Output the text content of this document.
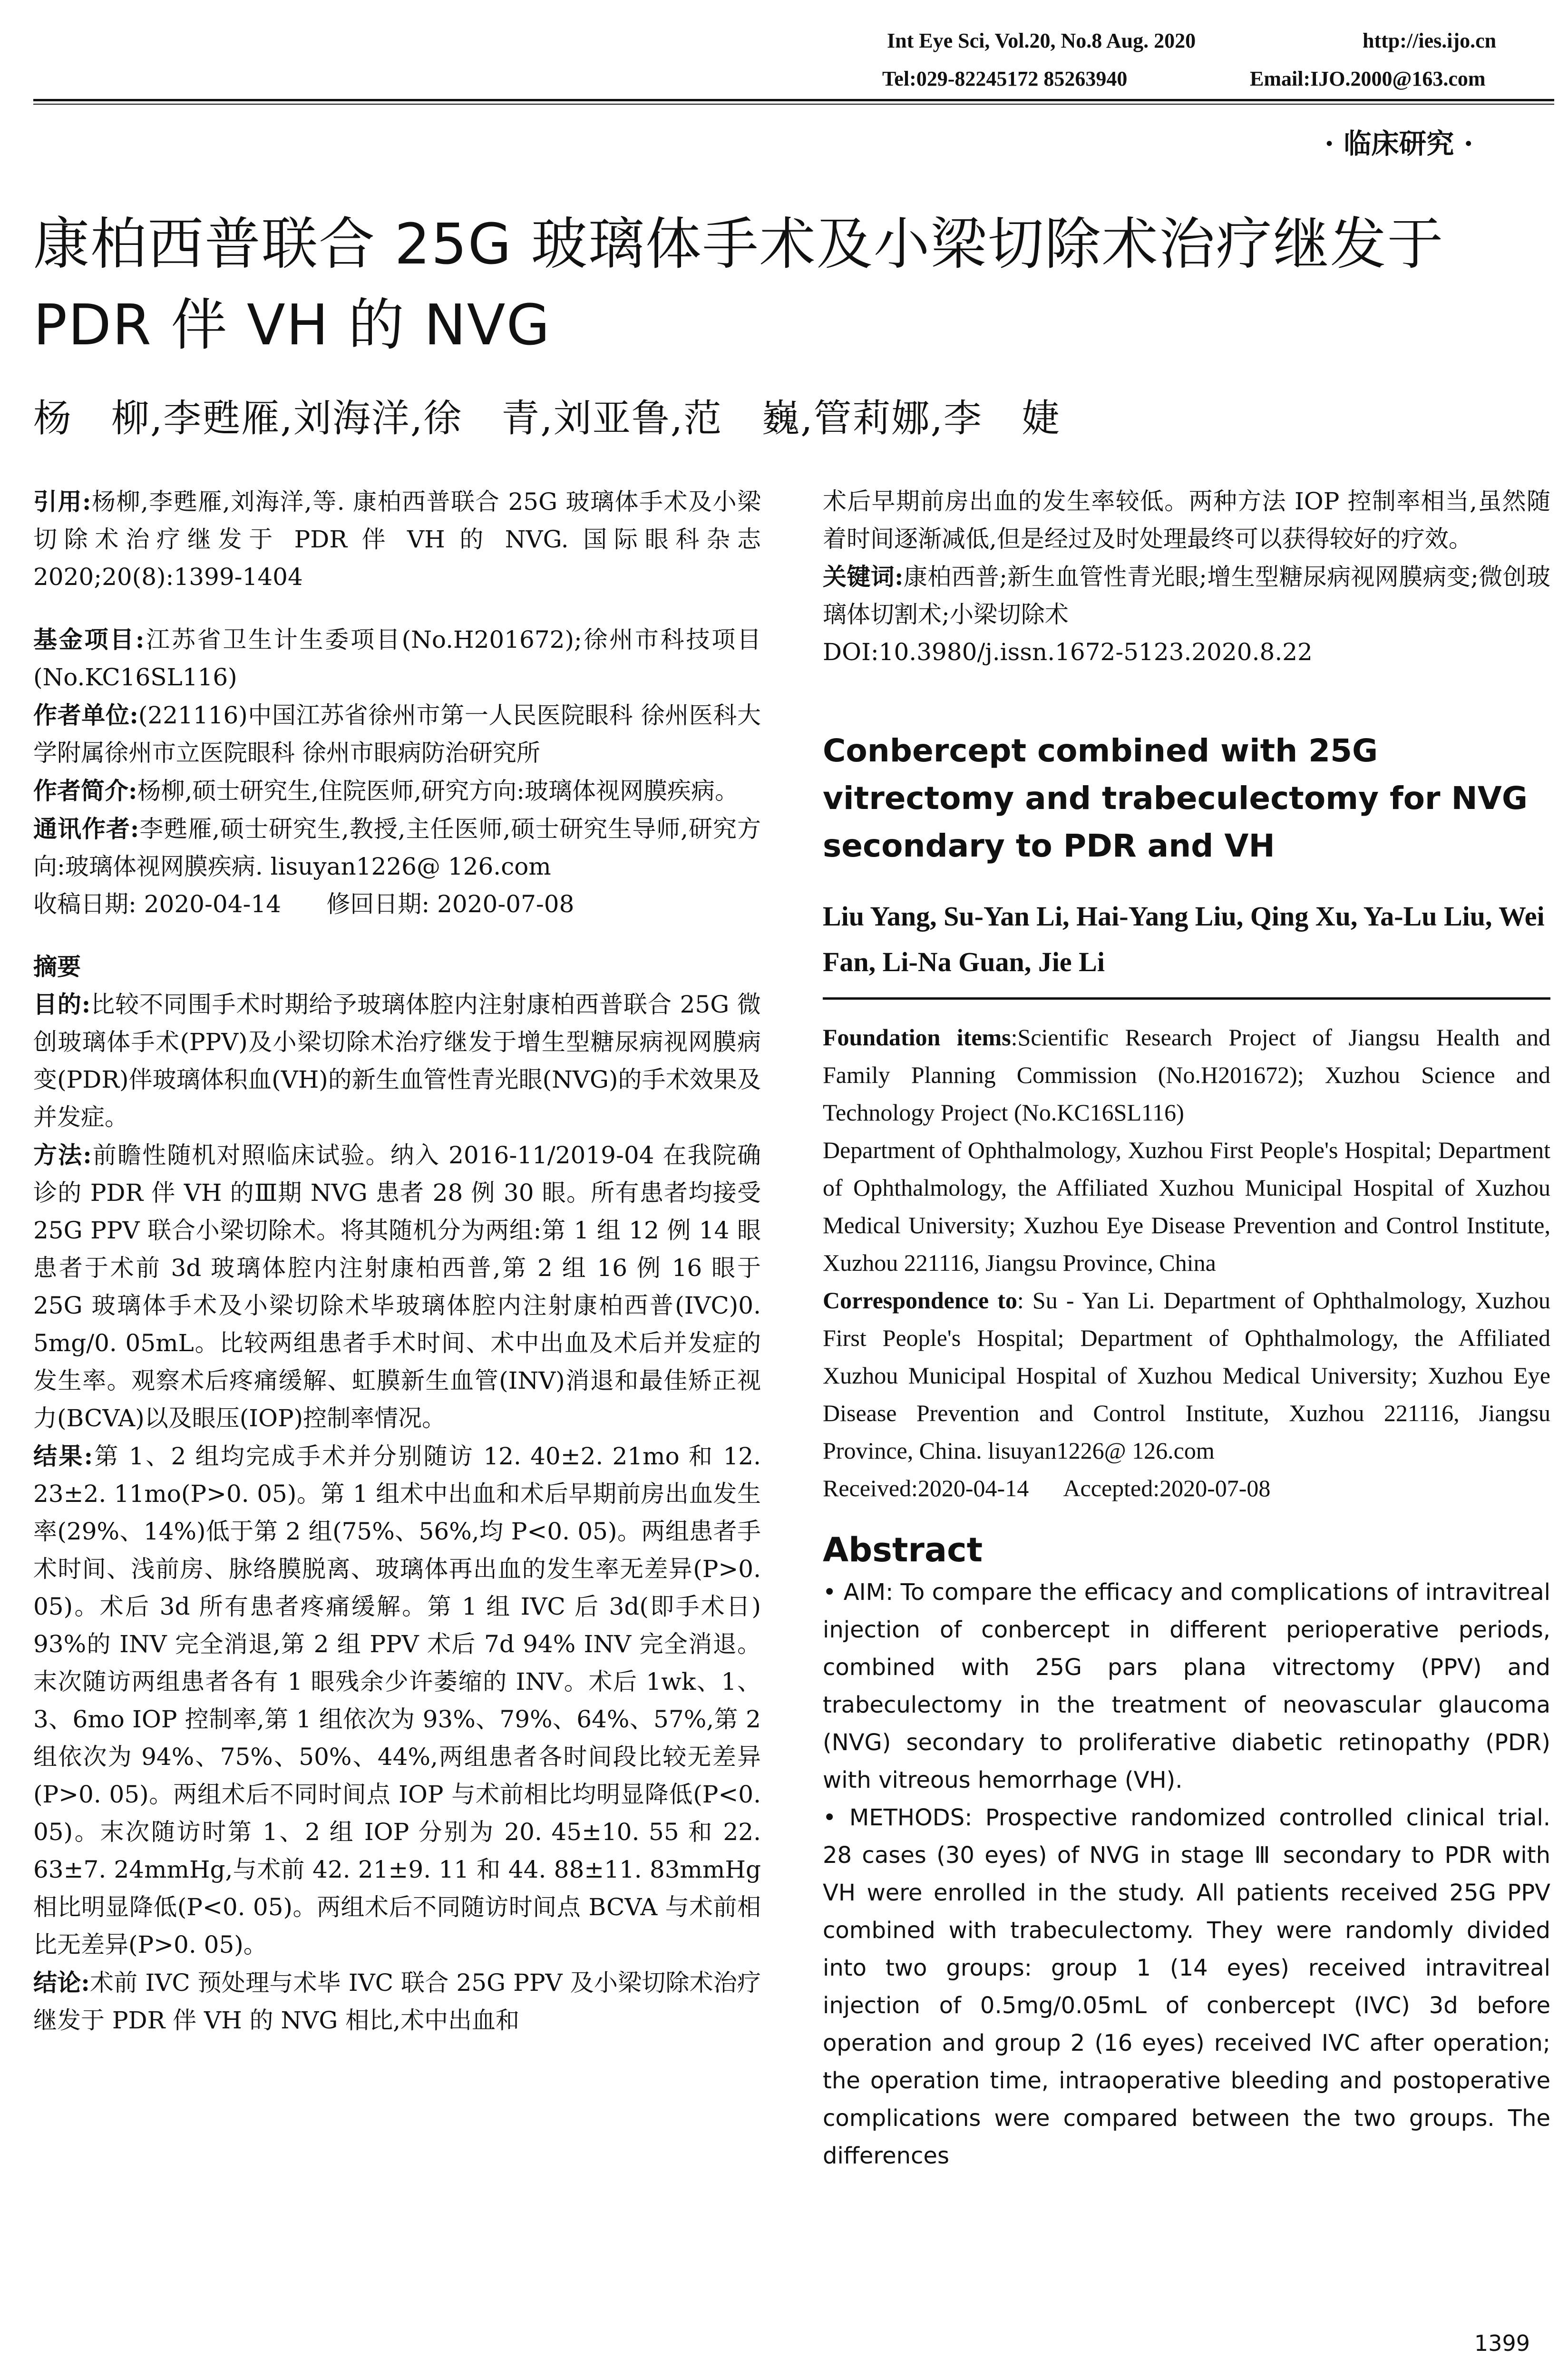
Int Eye Sci, Vol.20, No.8 Aug. 2020	http://ies.ijo.cn
Tel:029-82245172 85263940	Email:IJO.2000@163.com
· 临床研究 ·
康柏西普联合 25G 玻璃体手术及小梁切除术治疗继发于 PDR 伴 VH 的 NVG
杨　柳,李甦雁,刘海洋,徐　青,刘亚鲁,范　巍,管莉娜,李　婕

引用:杨柳,李甦雁,刘海洋,等. 康柏西普联合 25G 玻璃体手术及小梁切除术治疗继发于 PDR 伴 VH 的 NVG. 国际眼科杂志 2020;20(8):1399-1404

基金项目:江苏省卫生计生委项目(No.H201672);徐州市科技项目(No.KC16SL116)

作者单位:(221116)中国江苏省徐州市第一人民医院眼科 徐州医科大学附属徐州市立医院眼科 徐州市眼病防治研究所

作者简介:杨柳,硕士研究生,住院医师,研究方向:玻璃体视网膜疾病。

通讯作者:李甦雁,硕士研究生,教授,主任医师,硕士研究生导师,研究方向:玻璃体视网膜疾病. lisuyan1226@ 126.com

收稿日期: 2020-04-14      修回日期: 2020-07-08

摘要

目的:比较不同围手术时期给予玻璃体腔内注射康柏西普联合 25G 微创玻璃体手术(PPV)及小梁切除术治疗继发于增生型糖尿病视网膜病变(PDR)伴玻璃体积血(VH)的新生血管性青光眼(NVG)的手术效果及并发症。

方法:前瞻性随机对照临床试验。纳入 2016-11/2019-04 在我院确诊的 PDR 伴 VH 的Ⅲ期 NVG 患者 28 例 30 眼。所有患者均接受 25G PPV 联合小梁切除术。将其随机分为两组:第 1 组 12 例 14 眼患者于术前 3d 玻璃体腔内注射康柏西普,第 2 组 16 例 16 眼于 25G 玻璃体手术及小梁切除术毕玻璃体腔内注射康柏西普(IVC)0. 5mg/0. 05mL。比较两组患者手术时间、术中出血及术后并发症的发生率。观察术后疼痛缓解、虹膜新生血管(INV)消退和最佳矫正视力(BCVA)以及眼压(IOP)控制率情况。

结果:第 1、2 组均完成手术并分别随访 12. 40±2. 21mo 和 12. 23±2. 11mo(P>0. 05)。第 1 组术中出血和术后早期前房出血发生率(29%、14%)低于第 2 组(75%、56%,均 P<0. 05)。两组患者手术时间、浅前房、脉络膜脱离、玻璃体再出血的发生率无差异(P>0. 05)。术后 3d 所有患者疼痛缓解。第 1 组 IVC 后 3d(即手术日) 93%的 INV 完全消退,第 2 组 PPV 术后 7d 94% INV 完全消退。末次随访两组患者各有 1 眼残余少许萎缩的 INV。术后 1wk、1、3、6mo IOP 控制率,第 1 组依次为 93%、79%、64%、57%,第 2 组依次为 94%、75%、50%、44%,两组患者各时间段比较无差异(P>0. 05)。两组术后不同时间点 IOP 与术前相比均明显降低(P<0. 05)。末次随访时第 1、2 组 IOP 分别为 20. 45±10. 55 和 22. 63±7. 24mmHg,与术前 42. 21±9. 11 和 44. 88±11. 83mmHg 相比明显降低(P<0. 05)。两组术后不同随访时间点 BCVA 与术前相比无差异(P>0. 05)。

结论:术前 IVC 预处理与术毕 IVC 联合 25G PPV 及小梁切除术治疗继发于 PDR 伴 VH 的 NVG 相比,术中出血和

术后早期前房出血的发生率较低。两种方法 IOP 控制率相当,虽然随着时间逐渐减低,但是经过及时处理最终可以获得较好的疗效。

关键词:康柏西普;新生血管性青光眼;增生型糖尿病视网膜病变;微创玻璃体切割术;小梁切除术

DOI:10.3980/j.issn.1672-5123.2020.8.22

Conbercept combined with 25G vitrectomy and trabeculectomy for NVG secondary to PDR and VH

Liu Yang, Su-Yan Li, Hai-Yang Liu, Qing Xu, Ya-Lu Liu, Wei Fan, Li-Na Guan, Jie Li

Foundation items:Scientific Research Project of Jiangsu Health and Family Planning Commission (No.H201672); Xuzhou Science and Technology Project (No.KC16SL116)

Department of Ophthalmology, Xuzhou First People's Hospital; Department of Ophthalmology, the Affiliated Xuzhou Municipal Hospital of Xuzhou Medical University; Xuzhou Eye Disease Prevention and Control Institute, Xuzhou 221116, Jiangsu Province, China

Correspondence to: Su - Yan Li. Department of Ophthalmology, Xuzhou First People's Hospital; Department of Ophthalmology, the Affiliated Xuzhou Municipal Hospital of Xuzhou Medical University; Xuzhou Eye Disease Prevention and Control Institute, Xuzhou 221116, Jiangsu Province, China. lisuyan1226@ 126.com

Received:2020-04-14      Accepted:2020-07-08

Abstract

• AIM: To compare the efficacy and complications of intravitreal injection of conbercept in different perioperative periods, combined with 25G pars plana vitrectomy (PPV) and trabeculectomy in the treatment of neovascular glaucoma (NVG) secondary to proliferative diabetic retinopathy (PDR) with vitreous hemorrhage (VH).

• METHODS: Prospective randomized controlled clinical trial. 28 cases (30 eyes) of NVG in stage Ⅲ secondary to PDR with VH were enrolled in the study. All patients received 25G PPV combined with trabeculectomy. They were randomly divided into two groups: group 1 (14 eyes) received intravitreal injection of 0.5mg/0.05mL of conbercept (IVC) 3d before operation and group 2 (16 eyes) received IVC after operation; the operation time, intraoperative bleeding and postoperative complications were compared between the two groups. The differences

1399
